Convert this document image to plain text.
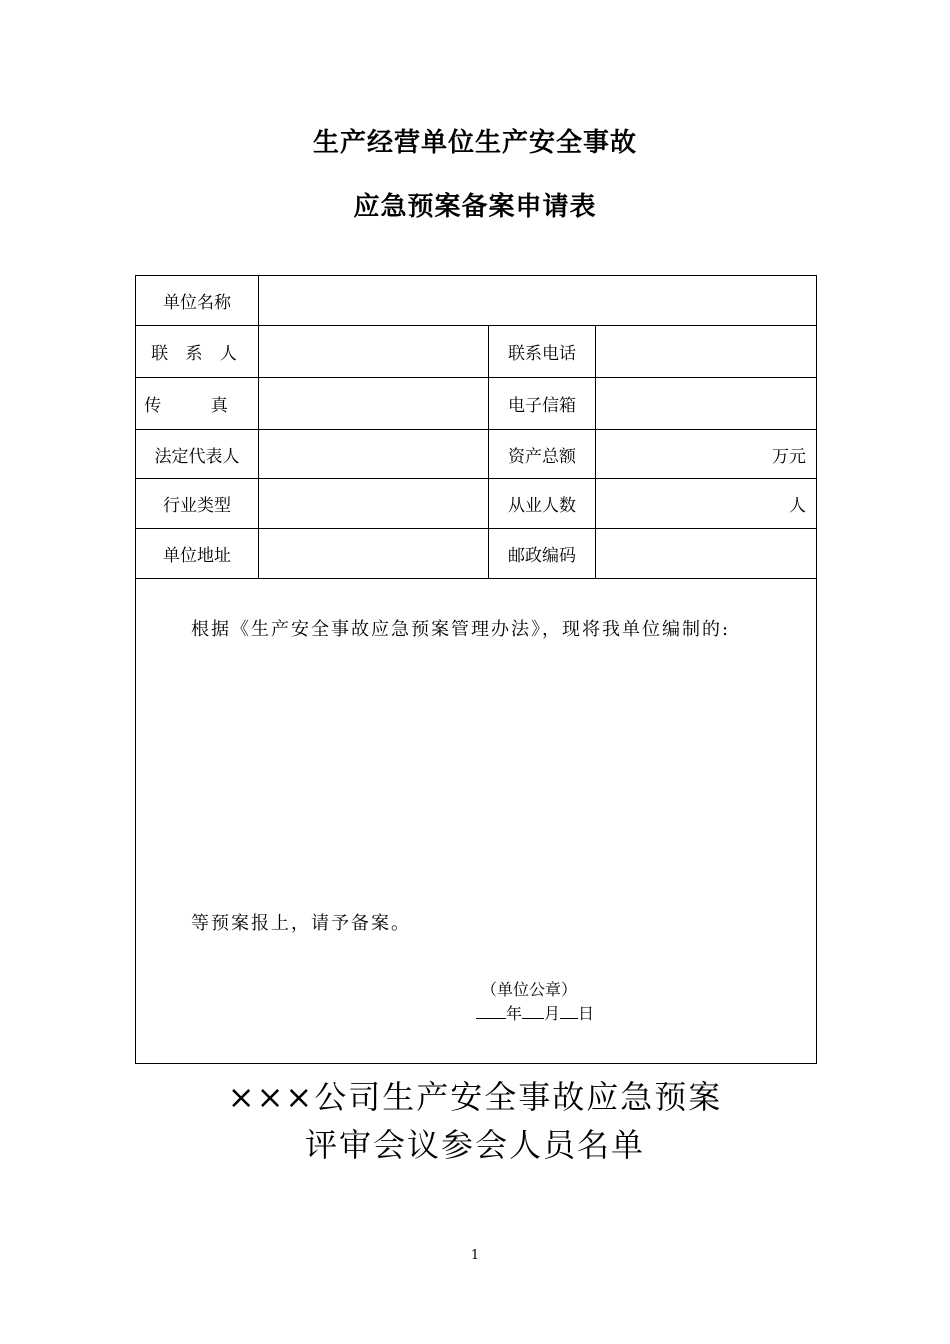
生产经营单位生产安全事故
应急预案备案申请表
单位名称			
联 系 人		联系电话	
传 真		电子信箱	
法定代表人		资产总额	万元
行业类型		从业人数	人
单位地址		邮政编码	

根据《生产安全事故应急预案管理办法》，现将我单位编制的:
等预案报上，请予备案。
（单位公章）
年 月 日			
×××公司生产安全事故应急预案
评审会议参会人员名单
1
